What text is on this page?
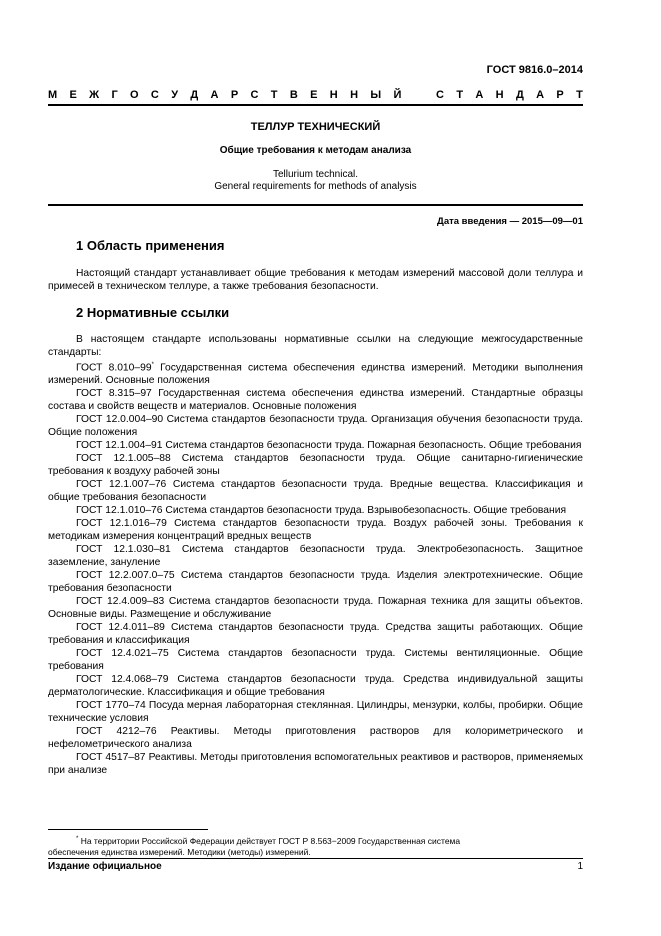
ГОСТ 9816.0–2014
М Е Ж Г О С У Д А Р С Т В Е Н Н Ы Й	С Т А Н Д А Р Т
ТЕЛЛУР ТЕХНИЧЕСКИЙ
Общие требования к методам анализа
Tellurium technical.
General requirements for methods of analysis
Дата введения — 2015—09—01
1 Область применения

Настоящий стандарт устанавливает общие требования к методам измерений массовой доли теллура и примесей в техническом теллуре, а также требования безопасности.

2 Нормативные ссылки

В настоящем стандарте использованы нормативные ссылки на следующие межгосударственные стандарты:

ГОСТ 8.010–99* Государственная система обеспечения единства измерений. Методики выполнения измерений. Основные положения

ГОСТ 8.315–97 Государственная система обеспечения единства измерений. Стандартные образцы состава и свойств веществ и материалов. Основные положения

ГОСТ 12.0.004–90 Система стандартов безопасности труда. Организация обучения безопасности труда. Общие положения

ГОСТ 12.1.004–91 Система стандартов безопасности труда. Пожарная безопасность. Общие требования

ГОСТ 12.1.005–88 Система стандартов безопасности труда. Общие санитарно-гигиенические требования к воздуху рабочей зоны

ГОСТ 12.1.007–76 Система стандартов безопасности труда. Вредные вещества. Классификация и общие требования безопасности

ГОСТ 12.1.010–76 Система стандартов безопасности труда. Взрывобезопасность. Общие требования

ГОСТ 12.1.016–79 Система стандартов безопасности труда. Воздух рабочей зоны. Требования к методикам измерения концентраций вредных веществ

ГОСТ 12.1.030–81 Система стандартов безопасности труда. Электробезопасность. Защитное заземление, зануление

ГОСТ 12.2.007.0–75 Система стандартов безопасности труда. Изделия электротехнические. Общие требования безопасности

ГОСТ 12.4.009–83 Система стандартов безопасности труда. Пожарная техника для защиты объектов. Основные виды. Размещение и обслуживание

ГОСТ 12.4.011–89 Система стандартов безопасности труда. Средства защиты работающих. Общие требования и классификация

ГОСТ 12.4.021–75 Система стандартов безопасности труда. Системы вентиляционные. Общие требования

ГОСТ 12.4.068–79 Система стандартов безопасности труда. Средства индивидуальной защиты дерматологические. Классификация и общие требования

ГОСТ 1770–74 Посуда мерная лабораторная стеклянная. Цилиндры, мензурки, колбы, пробирки. Общие технические условия

ГОСТ 4212–76 Реактивы. Методы приготовления растворов для колориметрического и нефелометрического анализа

ГОСТ 4517–87 Реактивы. Методы приготовления вспомогательных реактивов и растворов, применяемых при анализе

* На территории Российской Федерации действует ГОСТ Р 8.563−2009 Государственная система
обеспечения единства измерений. Методики (методы) измерений.
Издание официальное	1
